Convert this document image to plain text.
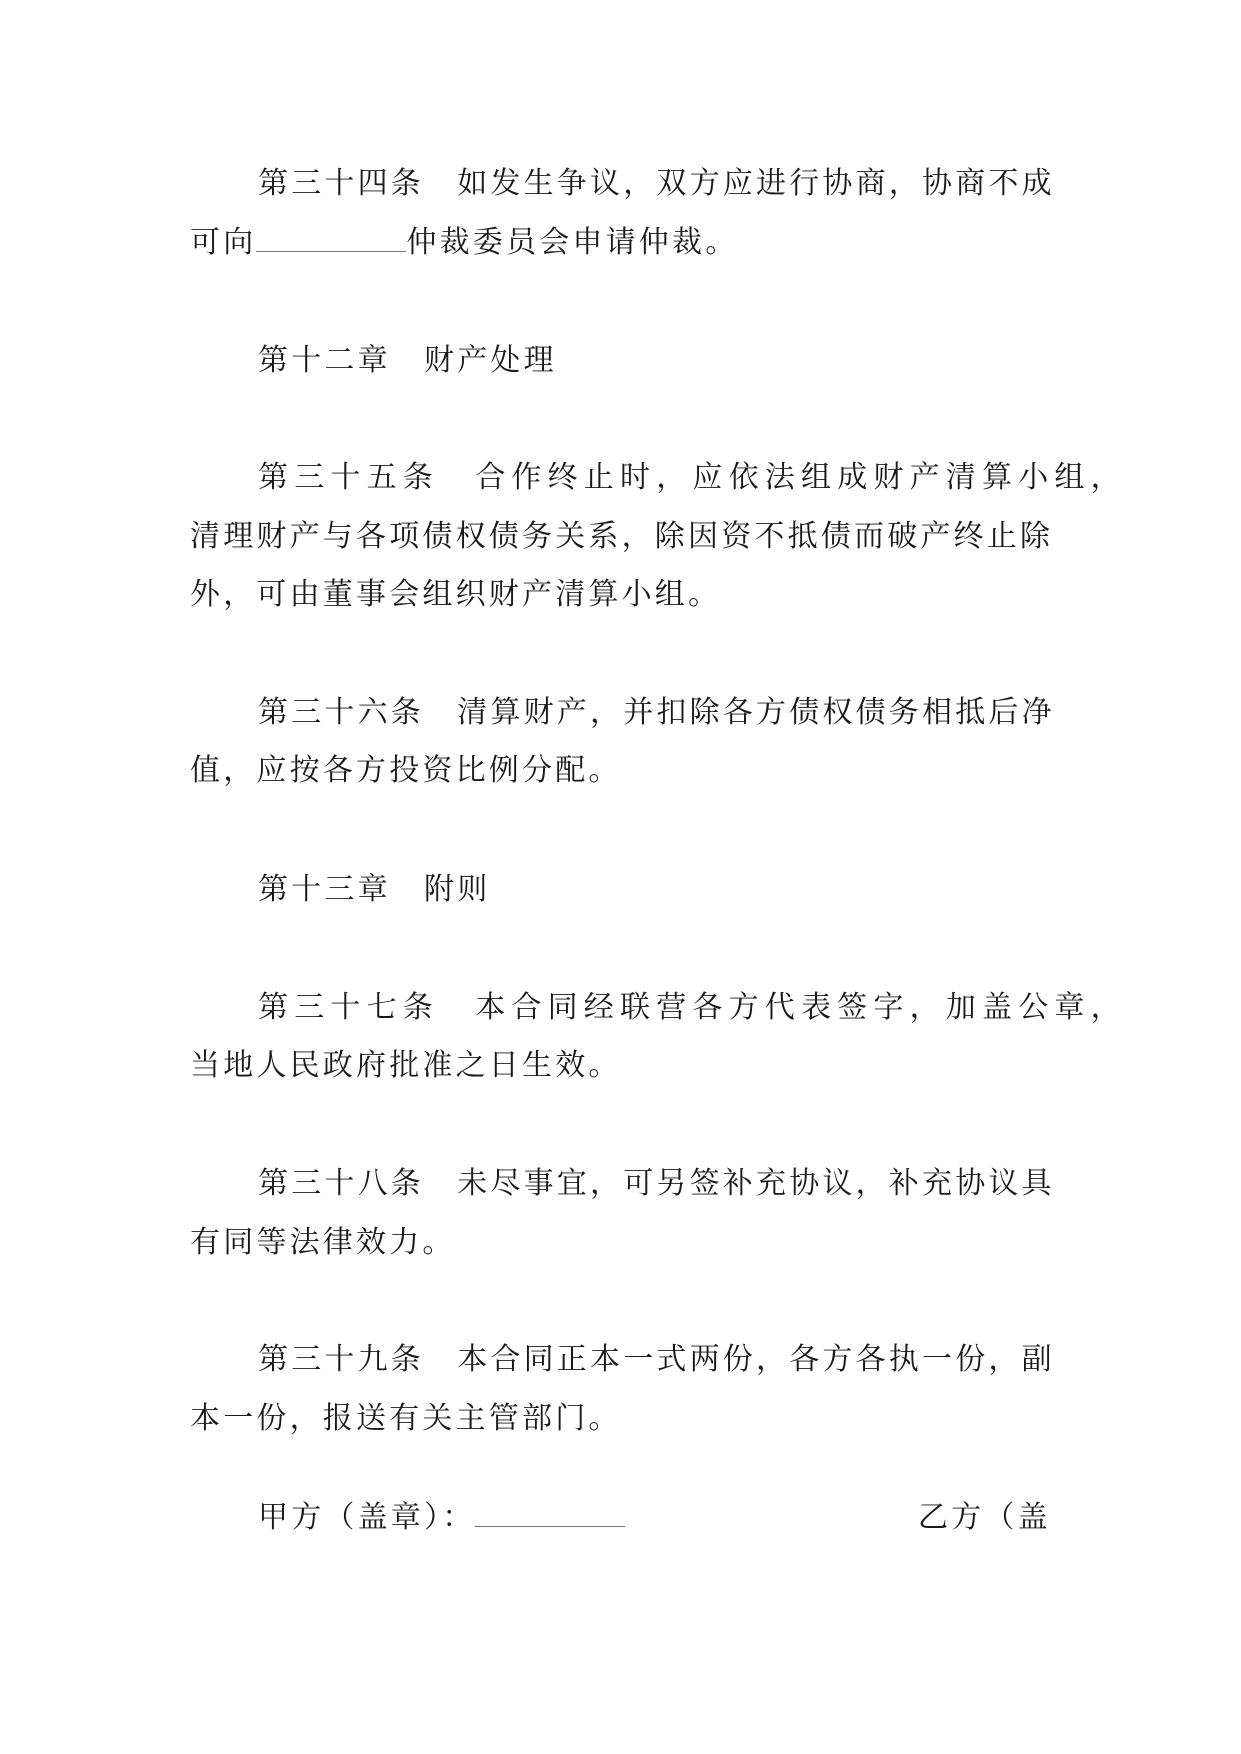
第三十四条　如发生争议，双方应进行协商，协商不成
可向	仲裁委员会申请仲裁。
第十二章　财产处理
第三十五条　合作终止时，应依法组成财产清算小组，
清理财产与各项债权债务关系，除因资不抵债而破产终止除
外，可由董事会组织财产清算小组。
第三十六条　清算财产，并扣除各方债权债务相抵后净
值，应按各方投资比例分配。
第十三章　附则
第三十七条　本合同经联营各方代表签字，加盖公章，
当地人民政府批准之日生效。
第三十八条　未尽事宜，可另签补充协议，补充协议具
有同等法律效力。
第三十九条　本合同正本一式两份，各方各执一份，副
本一份，报送有关主管部门。
甲方（盖章）：	乙方（盖
